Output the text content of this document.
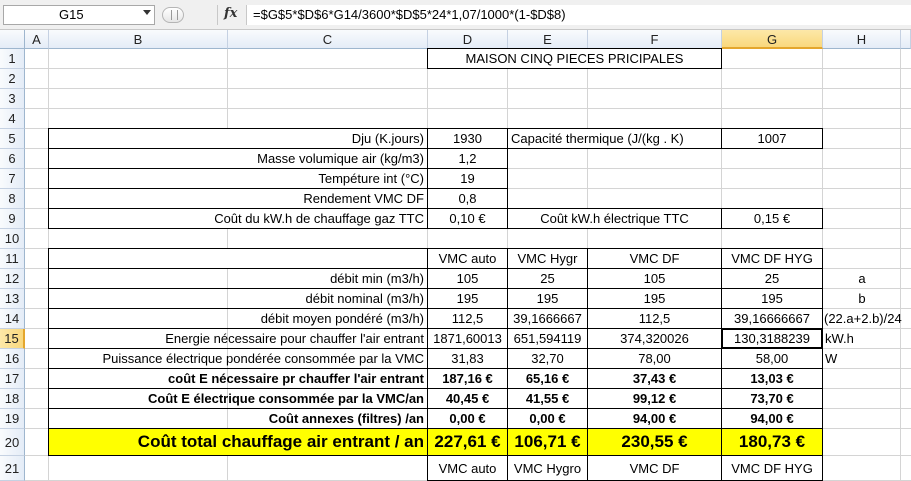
G15	fx	=$G$5*$D$6*G14/3600*$D$5*24*1,07/1000*(1-$D$8)
A	B	C	D	E	F	G	H
1
2
3
4
5
6
7
8
9
10
11
12
13
14
15
16
17
18
19
20
21
MAISON CINQ PIECES PRICIPALES
Dju (K.jours)	1930	Capacité thermique (J/(kg . K)	1007
Masse volumique air (kg/m3)	1,2
Tempéture int (°C)	19
Rendement VMC DF	0,8
Coût du kW.h de chauffage gaz TTC	0,10 €	Coût kW.h électrique TTC	0,15 €
VMC auto	VMC Hygr	VMC DF	VMC DF HYG
débit min (m3/h)	105	25	105	25	a
débit nominal (m3/h)	195	195	195	195	b
débit moyen pondéré (m3/h)	112,5	39,1666667	112,5	39,16666667	(22.a+2.b)/24
Energie nécessaire pour chauffer l'air entrant 1871,60013 651,594119	374,320026	130,3188239	kW.h
Puissance électrique pondérée consommée par la VMC	31,83	32,70	78,00	58,00	W
coût E nécessaire pr chauffer l'air entrant	187,16 €	65,16 €	37,43 €	13,03 €
Coût E électrique consommée par la VMC/an	40,45 €	41,55 €	99,12 €	73,70 €
Coût annexes (filtres) /an	0,00 €	0,00 €	94,00 €	94,00 €
Coût total chauffage air entrant / an 227,61 € 106,71 €	230,55 €	180,73 €
VMC auto	VMC Hygro	VMC DF	VMC DF HYG
